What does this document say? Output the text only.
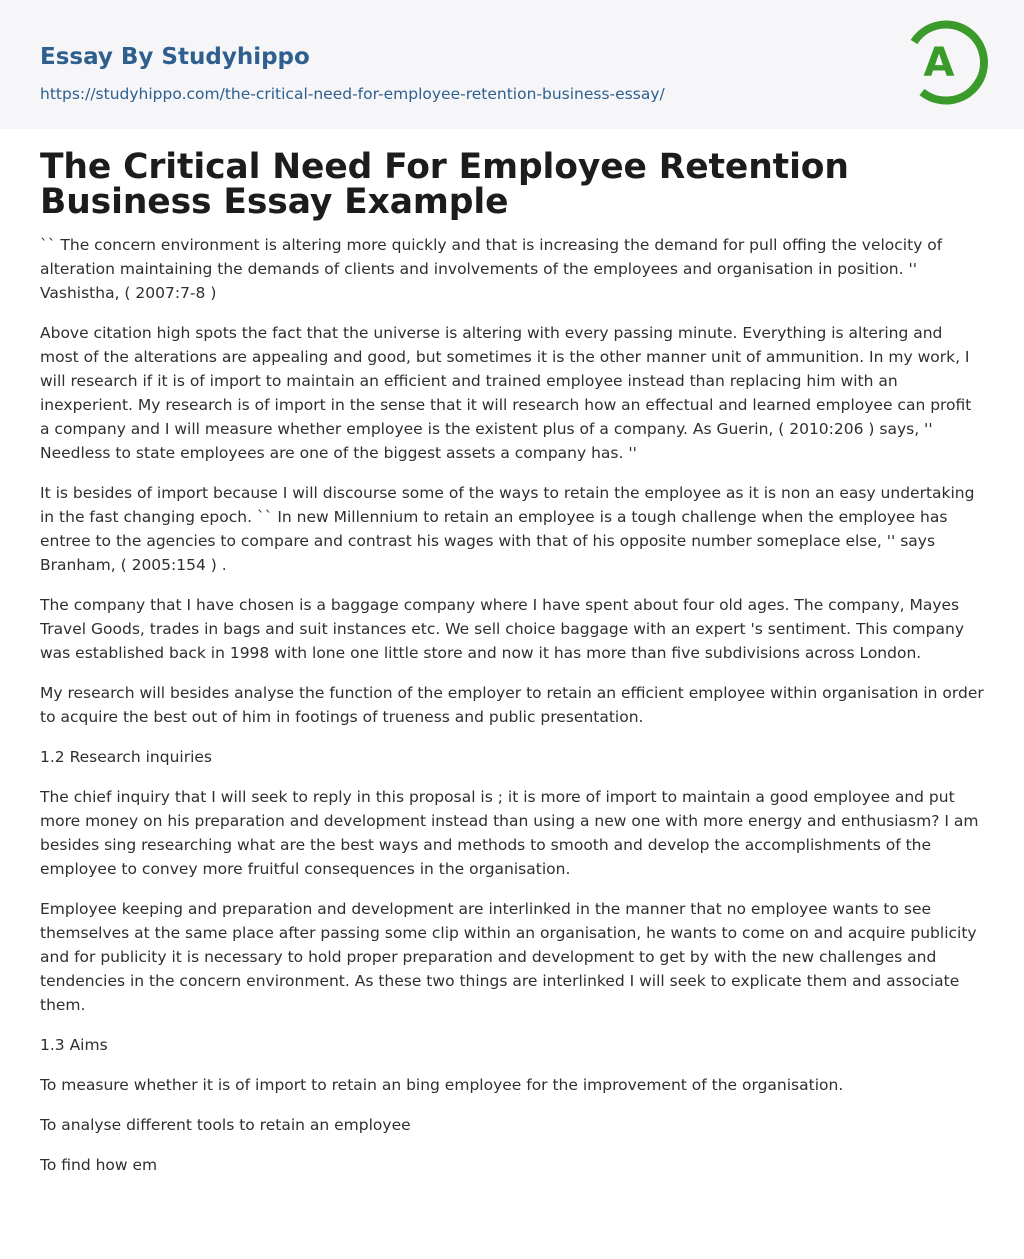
Essay By Studyhippo
https://studyhippo.com/the-critical-need-for-employee-retention-business-essay/
A
The Critical Need For Employee Retention Business Essay Example

`` The concern environment is altering more quickly and that is increasing the demand for pull offing the velocity of alteration maintaining the demands of clients and involvements of the employees and organisation in position. '' Vashistha, ( 2007:7-8 )

Above citation high spots the fact that the universe is altering with every passing minute. Everything is altering and most of the alterations are appealing and good, but sometimes it is the other manner unit of ammunition. In my work, I will research if it is of import to maintain an efficient and trained employee instead than replacing him with an inexperient. My research is of import in the sense that it will research how an effectual and learned employee can profit a company and I will measure whether employee is the existent plus of a company. As Guerin, ( 2010:206 ) says, '' Needless to state employees are one of the biggest assets a company has. ''

It is besides of import because I will discourse some of the ways to retain the employee as it is non an easy undertaking in the fast changing epoch. `` In new Millennium to retain an employee is a tough challenge when the employee has entree to the agencies to compare and contrast his wages with that of his opposite number someplace else, '' says Branham, ( 2005:154 ) .

The company that I have chosen is a baggage company where I have spent about four old ages. The company, Mayes Travel Goods, trades in bags and suit instances etc. We sell choice baggage with an expert 's sentiment. This company was established back in 1998 with lone one little store and now it has more than five subdivisions across London.

My research will besides analyse the function of the employer to retain an efficient employee within organisation in order to acquire the best out of him in footings of trueness and public presentation.

1.2 Research inquiries

The chief inquiry that I will seek to reply in this proposal is ; it is more of import to maintain a good employee and put more money on his preparation and development instead than using a new one with more energy and enthusiasm? I am besides sing researching what are the best ways and methods to smooth and develop the accomplishments of the employee to convey more fruitful consequences in the organisation.

Employee keeping and preparation and development are interlinked in the manner that no employee wants to see themselves at the same place after passing some clip within an organisation, he wants to come on and acquire publicity and for publicity it is necessary to hold proper preparation and development to get by with the new challenges and tendencies in the concern environment. As these two things are interlinked I will seek to explicate them and associate them.

1.3 Aims

To measure whether it is of import to retain an bing employee for the improvement of the organisation.

To analyse different tools to retain an employee

To find how em
